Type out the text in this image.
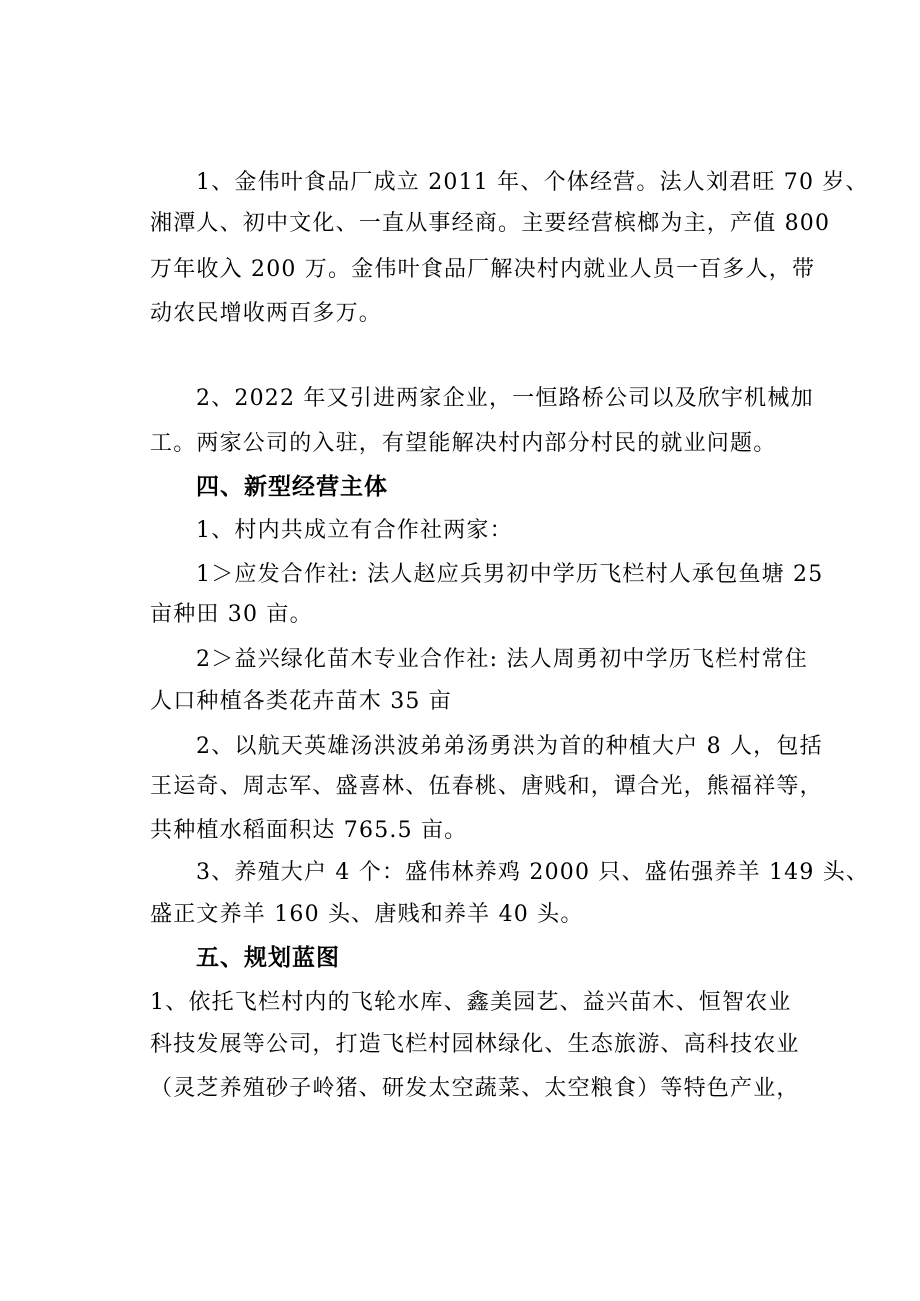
1、金伟叶食品厂成立 2011 年、个体经营。法人刘君旺 70 岁、
湘潭人、初中文化、一直从事经商。主要经营槟榔为主，产值 800
万年收入 200 万。金伟叶食品厂解决村内就业人员一百多人，带
动农民增收两百多万。
2、2022 年又引进两家企业，一恒路桥公司以及欣宇机械加
工。两家公司的入驻，有望能解决村内部分村民的就业问题。
四、新型经营主体
1、村内共成立有合作社两家：
1＞应发合作社: 法人赵应兵男初中学历飞栏村人承包鱼塘 25
亩种田 30 亩。
2＞益兴绿化苗木专业合作社: 法人周勇初中学历飞栏村常住
人口种植各类花卉苗木 35 亩
2、以航天英雄汤洪波弟弟汤勇洪为首的种植大户 8 人，包括
王运奇、周志军、盛喜林、伍春桃、唐贱和，谭合光，熊福祥等，
共种植水稻面积达 765.5 亩。
3、养殖大户 4 个：盛伟林养鸡 2000 只、盛佑强养羊 149 头、
盛正文养羊 160 头、唐贱和养羊 40 头。
五、规划蓝图
1、依托飞栏村内的飞轮水库、鑫美园艺、益兴苗木、恒智农业
科技发展等公司，打造飞栏村园林绿化、生态旅游、高科技农业
（灵芝养殖砂子岭猪、研发太空蔬菜、太空粮食）等特色产业，
